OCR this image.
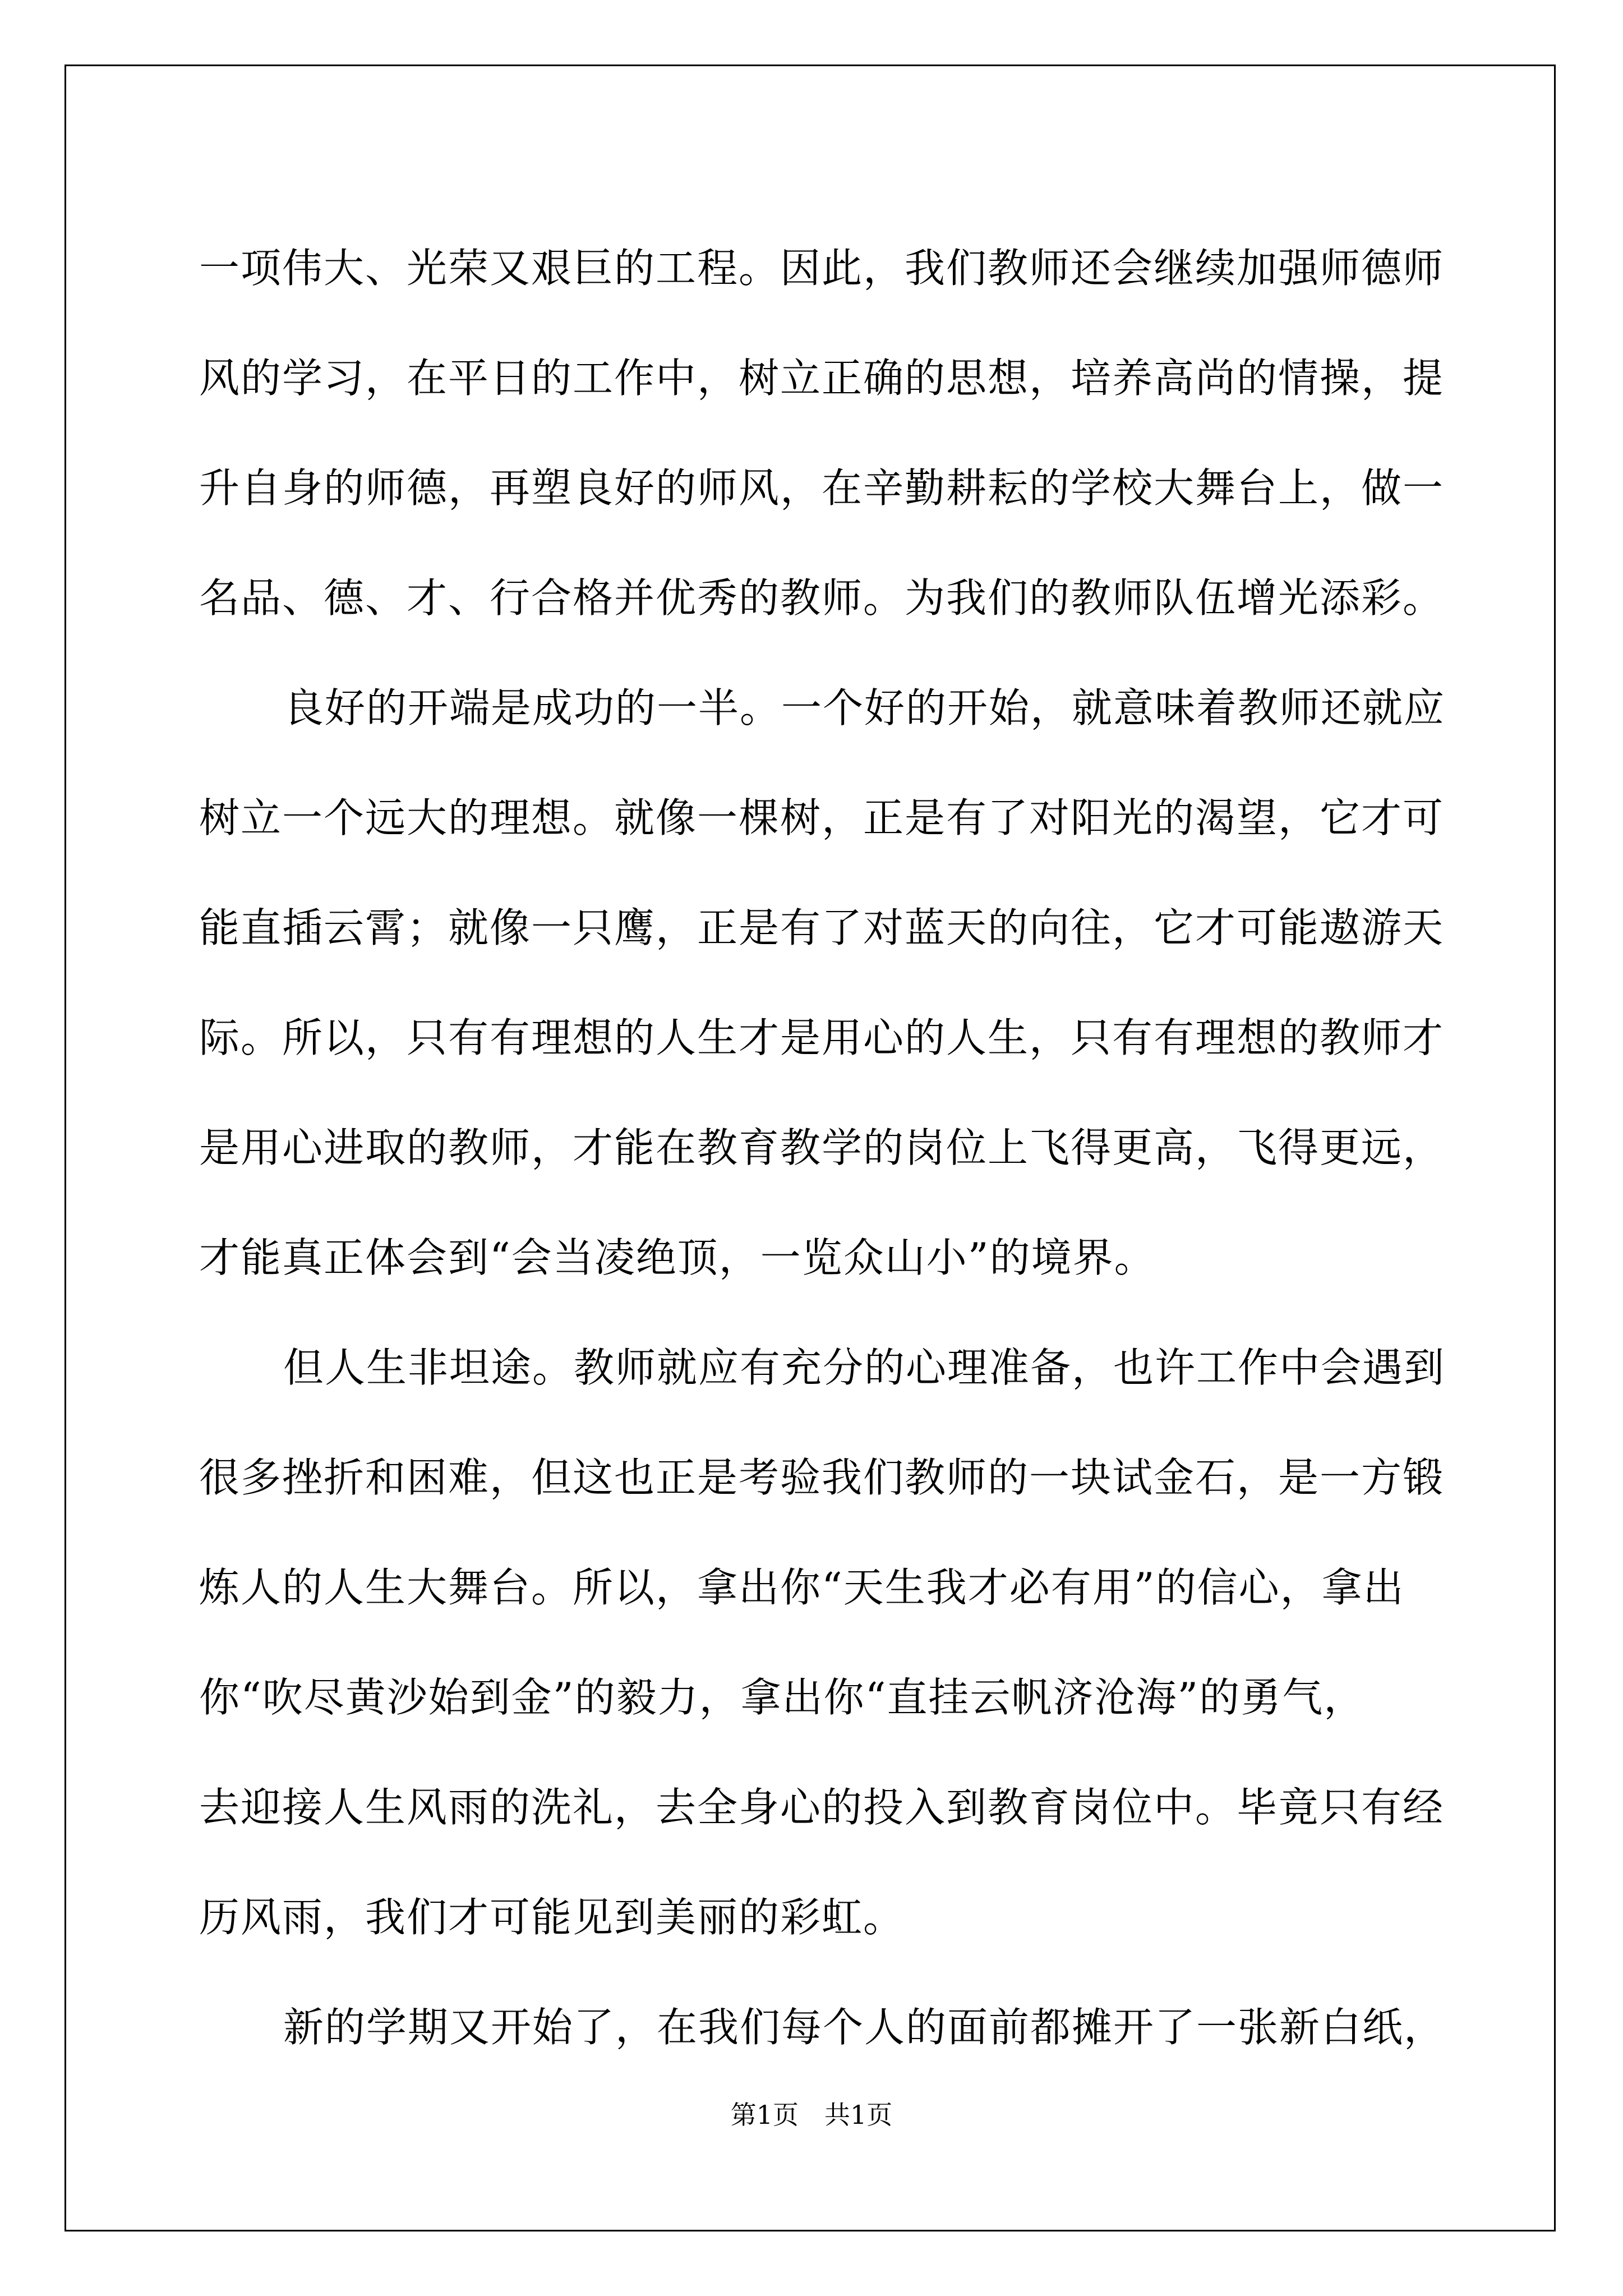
一项伟大、光荣又艰巨的工程。因此，我们教师还会继续加强师德师
风的学习，在平日的工作中，树立正确的思想，培养高尚的情操，提
升自身的师德，再塑良好的师风，在辛勤耕耘的学校大舞台上，做一
名品、德、才、行合格并优秀的教师。为我们的教师队伍增光添彩。
良好的开端是成功的一半。一个好的开始，就意味着教师还就应
树立一个远大的理想。就像一棵树，正是有了对阳光的渴望，它才可
能直插云霄；就像一只鹰，正是有了对蓝天的向往，它才可能遨游天
际。所以，只有有理想的人生才是用心的人生，只有有理想的教师才
是用心进取的教师，才能在教育教学的岗位上飞得更高，飞得更远，
才能真正体会到“会当凌绝顶，一览众山小”的境界。
但人生非坦途。教师就应有充分的心理准备，也许工作中会遇到
很多挫折和困难，但这也正是考验我们教师的一块试金石，是一方锻
炼人的人生大舞台。所以，拿出你“天生我才必有用”的信心，拿出
你“吹尽黄沙始到金”的毅力，拿出你“直挂云帆济沧海”的勇气，
去迎接人生风雨的洗礼，去全身心的投入到教育岗位中。毕竟只有经
历风雨，我们才可能见到美丽的彩虹。
新的学期又开始了，在我们每个人的面前都摊开了一张新白纸，
第1页　共1页
